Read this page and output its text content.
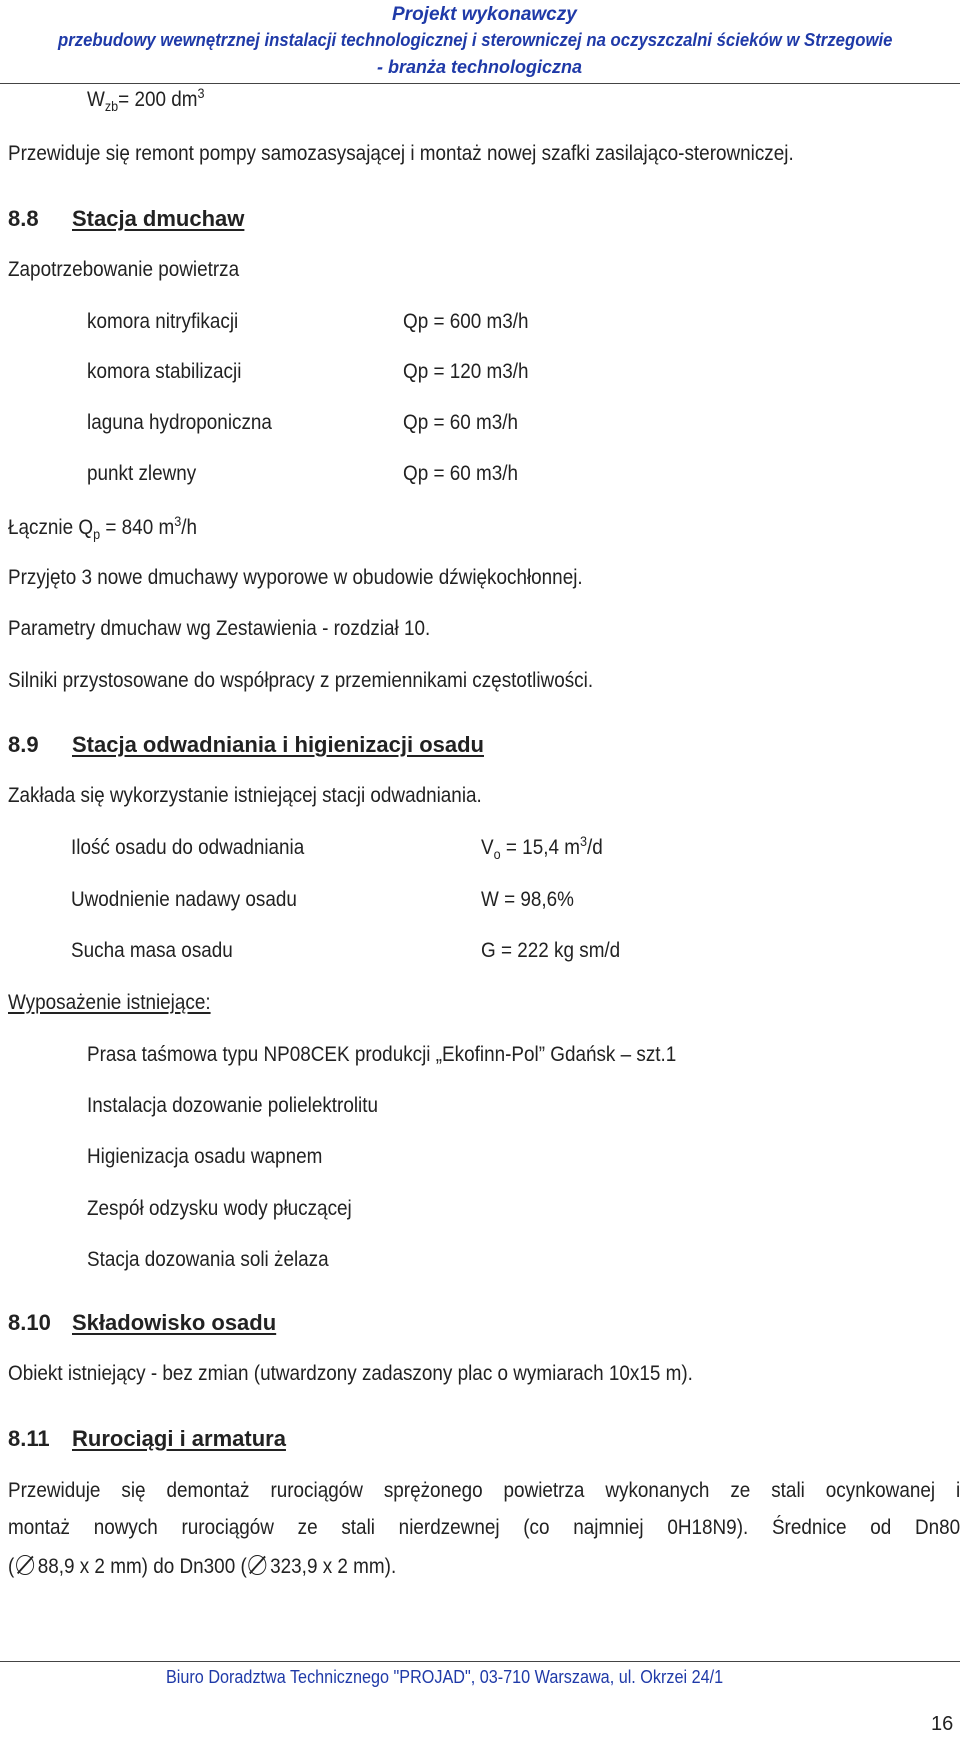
Projekt wykonawczy
przebudowy wewnętrznej instalacji technologicznej i sterowniczej na oczyszczalni ścieków w Strzegowie
- branża technologiczna
$W_{zb}= 200$ $dm^3$
Przewiduje się remont pompy samozasysającej i montaż nowej szafki zasilająco-sterowniczej.
8.8 Stacja dmuchaw
Zapotrzebowanie powietrza
komora nitryfikacji	Qp = 600 m3/h
komora stabilizacji	Qp = 120 m3/h
laguna hydroponiczna	Qp = 60 m3/h
punkt zlewny	Qp = 60 m3/h
Łącznie $Q_p = 840$ $m^3/h$
Przyjęto 3 nowe dmuchawy wyporowe w obudowie dźwiękochłonnej.
Parametry dmuchaw wg Zestawienia - rozdział 10.
Silniki przystosowane do współpracy z przemiennikami częstotliwości.
8.9 Stacja odwadniania i higienizacji osadu
Zakłada się wykorzystanie istniejącej stacji odwadniania.
Ilość osadu do odwadniania	$V_o = 15,4$ $m^3/d$
Uwodnienie nadawy osadu	W = 98,6%
Sucha masa osadu	G = 222 kg sm/d
Wyposażenie istniejące:
Prasa taśmowa typu NP08CEK produkcji „Ekofinn-Pol” Gdańsk – szt.1
Instalacja dozowanie polielektrolitu
Higienizacja osadu wapnem
Zespół odzysku wody płuczącej
Stacja dozowania soli żelaza
8.10 Składowisko osadu
Obiekt istniejący - bez zmian (utwardzony zadaszony plac o wymiarach 10x15 m).
8.11 Rurociągi i armatura
Przewiduje się demontaż rurociągów sprężonego powietrza wykonanych ze stali ocynkowanej i
montaż nowych rurociągów ze stali nierdzewnej (co najmniej 0H18N9). Średnice od Dn80
( 88,9 x 2 mm) do Dn300 ( 323,9 x 2 mm).
Biuro Doradztwa Technicznego "PROJAD", 03-710 Warszawa, ul. Okrzei 24/1
16
